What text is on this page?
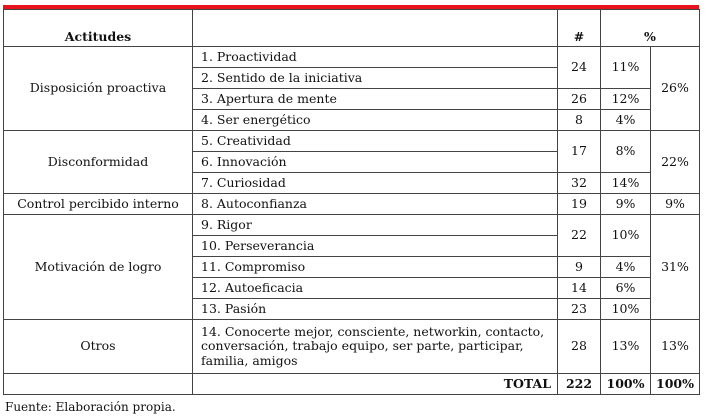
Actitudes		#	%	
Disposición proactiva	1. Proactividad	24	11%	26%
	2. Sentido de la iniciativa			
	3. Apertura de mente	26	12%	
	4. Ser energético	8	4%	
Disconformidad	5. Creatividad	17	8%	22%
	6. Innovación			
	7. Curiosidad	32	14%	
Control percibido interno	8. Autoconfianza	19	9%	9%
Motivación de logro	9. Rigor	22	10%	31%
	10. Perseverancia			
	11. Compromiso	9	4%	
	12. Autoeficacia	14	6%	
	13. Pasión	23	10%	
Otros	14. Conocerte mejor, consciente, networkin, contacto, conversación, trabajo equipo, ser parte, participar, familia, amigos	28	13%	13%
	TOTAL	222	100%	100%
Fuente: Elaboración propia.
